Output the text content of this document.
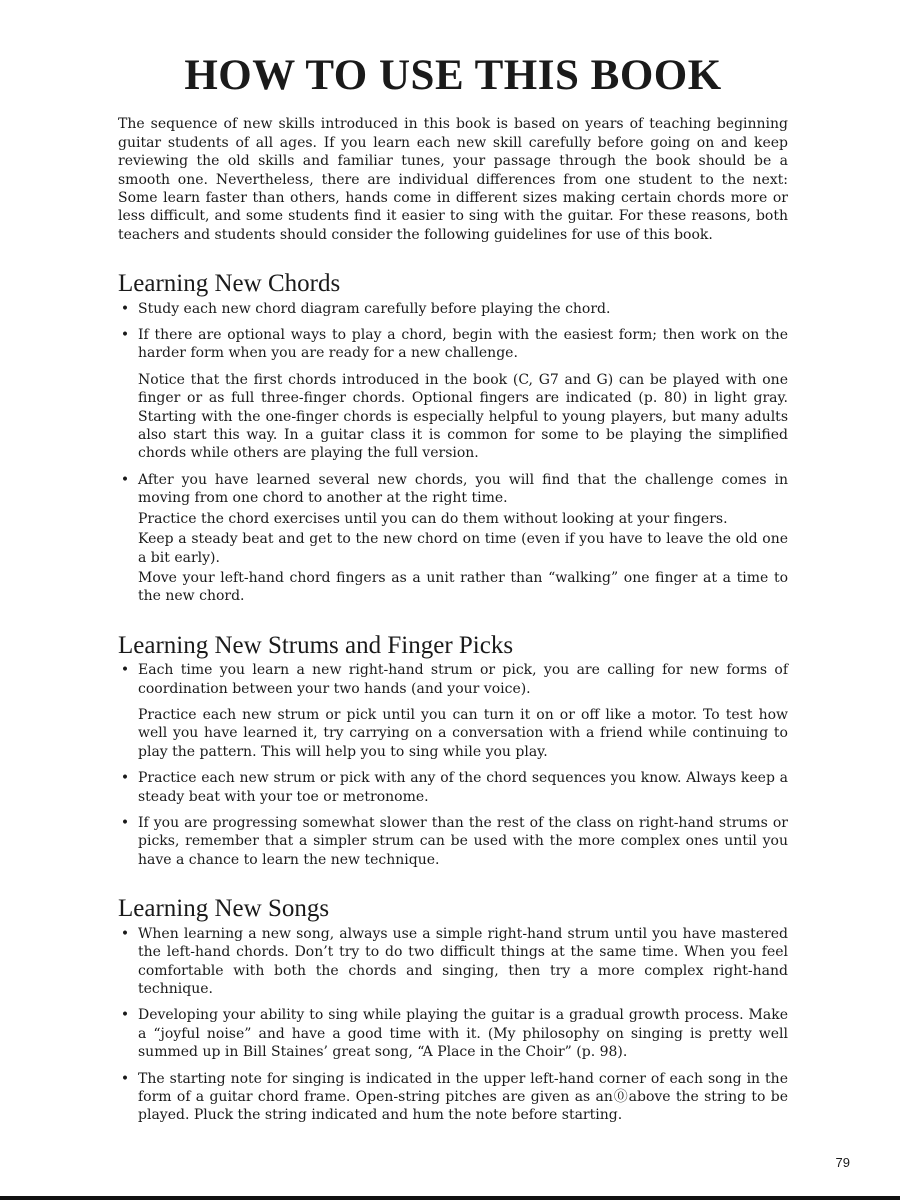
HOW TO USE THIS BOOK

The sequence of new skills introduced in this book is based on years of teaching beginning guitar students of all ages. If you learn each new skill carefully before going on and keep reviewing the old skills and familiar tunes, your passage through the book should be a smooth one. Nevertheless, there are individual differences from one student to the next: Some learn faster than others, hands come in different sizes making certain chords more or less difficult, and some students find it easier to sing with the guitar. For these reasons, both teachers and students should consider the following guidelines for use of this book.

Learning New Chords
• Study each new chord diagram carefully before playing the chord.

• If there are optional ways to play a chord, begin with the easiest form; then work on the harder form when you are ready for a new challenge.

Notice that the first chords introduced in the book (C, G7 and G) can be played with one finger or as full three-finger chords. Optional fingers are indicated (p. 80) in light gray. Starting with the one-finger chords is especially helpful to young players, but many adults also start this way. In a guitar class it is common for some to be playing the simplified chords while others are playing the full version.

• After you have learned several new chords, you will find that the challenge comes in moving from one chord to another at the right time.

Practice the chord exercises until you can do them without looking at your fingers.

Keep a steady beat and get to the new chord on time (even if you have to leave the old one a bit early).

Move your left-hand chord fingers as a unit rather than “walking” one finger at a time to the new chord.

Learning New Strums and Finger Picks
• Each time you learn a new right-hand strum or pick, you are calling for new forms of coordination between your two hands (and your voice).

Practice each new strum or pick until you can turn it on or off like a motor. To test how well you have learned it, try carrying on a conversation with a friend while continuing to play the pattern. This will help you to sing while you play.

• Practice each new strum or pick with any of the chord sequences you know. Always keep a steady beat with your toe or metronome.

• If you are progressing somewhat slower than the rest of the class on right-hand strums or picks, remember that a simpler strum can be used with the more complex ones until you have a chance to learn the new technique.

Learning New Songs
• When learning a new song, always use a simple right-hand strum until you have mastered the left-hand chords. Don’t try to do two difficult things at the same time. When you feel comfortable with both the chords and singing, then try a more complex right-hand technique.

• Developing your ability to sing while playing the guitar is a gradual growth process. Make a “joyful noise” and have a good time with it. (My philosophy on singing is pretty well summed up in Bill Staines’ great song, “A Place in the Choir” (p. 98).

• The starting note for singing is indicated in the upper left-hand corner of each song in the form of a guitar chord frame. Open-string pitches are given as an⓪above the string to be played. Pluck the string indicated and hum the note before starting.

79
